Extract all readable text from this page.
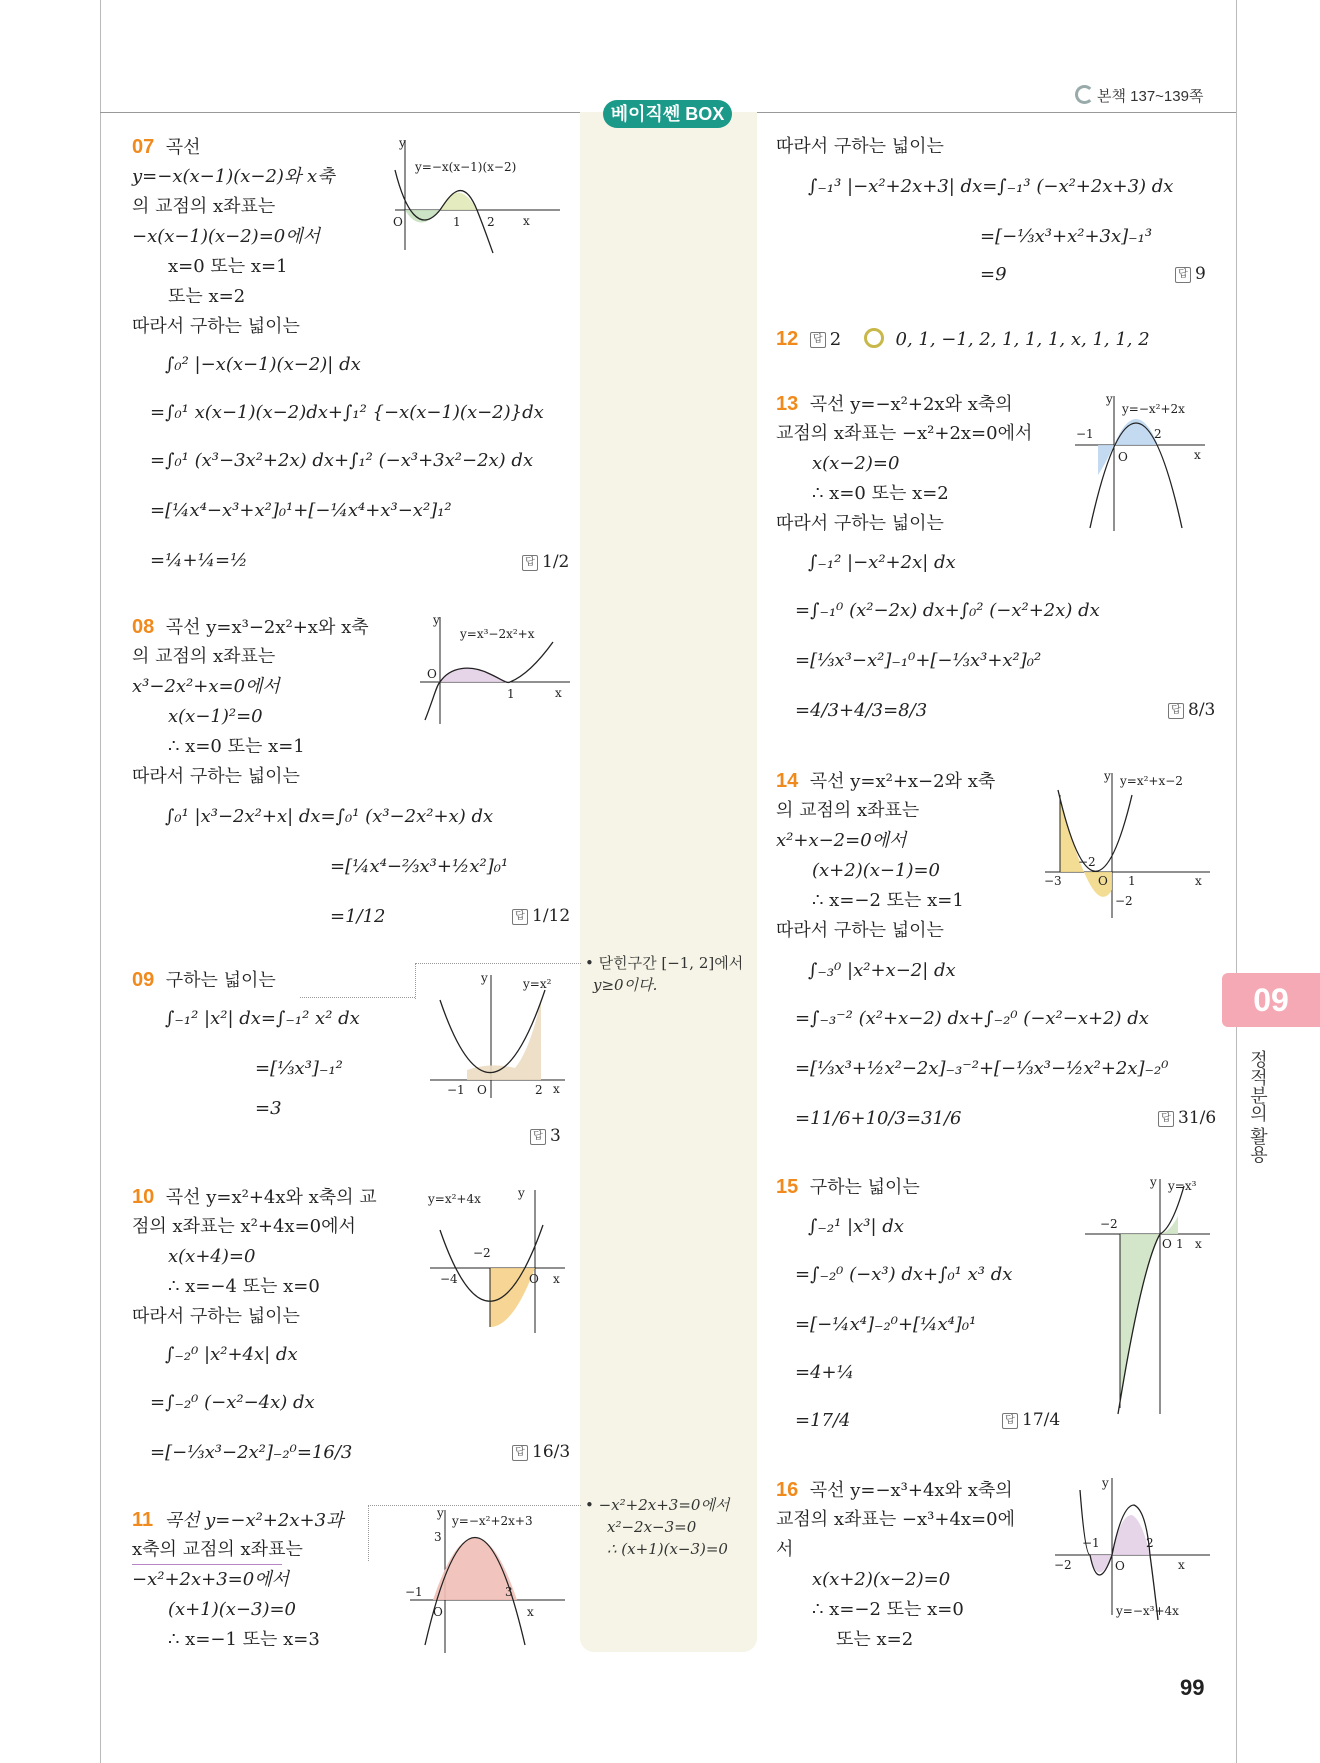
본책 137~139쪽
베이직쎈 BOX
09
정적분의 활용
99
07 곡선
y=−x(x−1)(x−2)와 x축
의 교점의 x좌표는
−x(x−1)(x−2)=0에서
x=0 또는 x=1
또는 x=2
따라서 구하는 넓이는
∫₀² |−x(x−1)(x−2)| dx
=∫₀¹ x(x−1)(x−2)dx+∫₁² {−x(x−1)(x−2)}dx
=∫₀¹ (x³−3x²+2x) dx+∫₁² (−x³+3x²−2x) dx
=[¼x⁴−x³+x²]₀¹+[−¼x⁴+x³−x²]₁²
=¼+¼=½	답 1/2
y=−x(x−1)(x−2)
O	1 2 x
y
08 곡선 y=x³−2x²+x와 x축
의 교점의 x좌표는
x³−2x²+x=0에서
x(x−1)²=0
∴ x=0 또는 x=1
따라서 구하는 넓이는
∫₀¹ |x³−2x²+x| dx=∫₀¹ (x³−2x²+x) dx
=[¼x⁴−⅔x³+½x²]₀¹
=1/12	답 1/12
y=x³−2x²+x
O
1	x
y
09 구하는 넓이는
∫₋₁² |x²| dx=∫₋₁² x² dx
=[⅓x³]₋₁²
=3
답 3
• 닫힌구간 [−1, 2]에서
y≥0이다.
y=x²
O
−1	2 x
y
10 곡선 y=x²+4x와 x축의 교
점의 x좌표는 x²+4x=0에서
x(x+4)=0
∴ x=−4 또는 x=0
따라서 구하는 넓이는
∫₋₂⁰ |x²+4x| dx
=∫₋₂⁰ (−x²−4x) dx
=[−⅓x³−2x²]₋₂⁰=16/3	답 16/3
y=x²+4x
O
−4
−2
x
y
11 곡선 y=−x²+2x+3과
x축의 교점의 x좌표는
−x²+2x+3=0에서
(x+1)(x−3)=0
∴ x=−1 또는 x=3
• −x²+2x+3=0에서
x²−2x−3=0
∴ (x+1)(x−3)=0
y=−x²+2x+3
O
−1	3
3
x
y
따라서 구하는 넓이는
∫₋₁³ |−x²+2x+3| dx=∫₋₁³ (−x²+2x+3) dx
=[−⅓x³+x²+3x]₋₁³
=9	답 9
12 답 2	0, 1, −1, 2, 1, 1, 1, x, 1, 1, 2
13 곡선 y=−x²+2x와 x축의
교점의 x좌표는 −x²+2x=0에서
x(x−2)=0
∴ x=0 또는 x=2
따라서 구하는 넓이는
∫₋₁² |−x²+2x| dx
=∫₋₁⁰ (x²−2x) dx+∫₀² (−x²+2x) dx
=[⅓x³−x²]₋₁⁰+[−⅓x³+x²]₀²
=4/3+4/3=8/3	답 8/3
y=−x²+2x
O
−1	2
x
y
14 곡선 y=x²+x−2와 x축
의 교점의 x좌표는
x²+x−2=0에서
(x+2)(x−1)=0
∴ x=−2 또는 x=1
따라서 구하는 넓이는
∫₋₃⁰ |x²+x−2| dx
=∫₋₃⁻² (x²+x−2) dx+∫₋₂⁰ (−x²−x+2) dx
=[⅓x³+½x²−2x]₋₃⁻²+[−⅓x³−½x²+2x]₋₂⁰
=11/6+10/3=31/6	답 31/6
y=x²+x−2
O
−3
−2
1
−2
x
y
15 구하는 넓이는
∫₋₂¹ |x³| dx
=∫₋₂⁰ (−x³) dx+∫₀¹ x³ dx
=[−¼x⁴]₋₂⁰+[¼x⁴]₀¹
=4+¼
=17/4	답 17/4
y=x³
O
−2
1 x
y
16 곡선 y=−x³+4x와 x축의
교점의 x좌표는 −x³+4x=0에
서
x(x+2)(x−2)=0
∴ x=−2 또는 x=0
또는 x=2
y=−x³+4x
O
−2
−1	2
x
y
